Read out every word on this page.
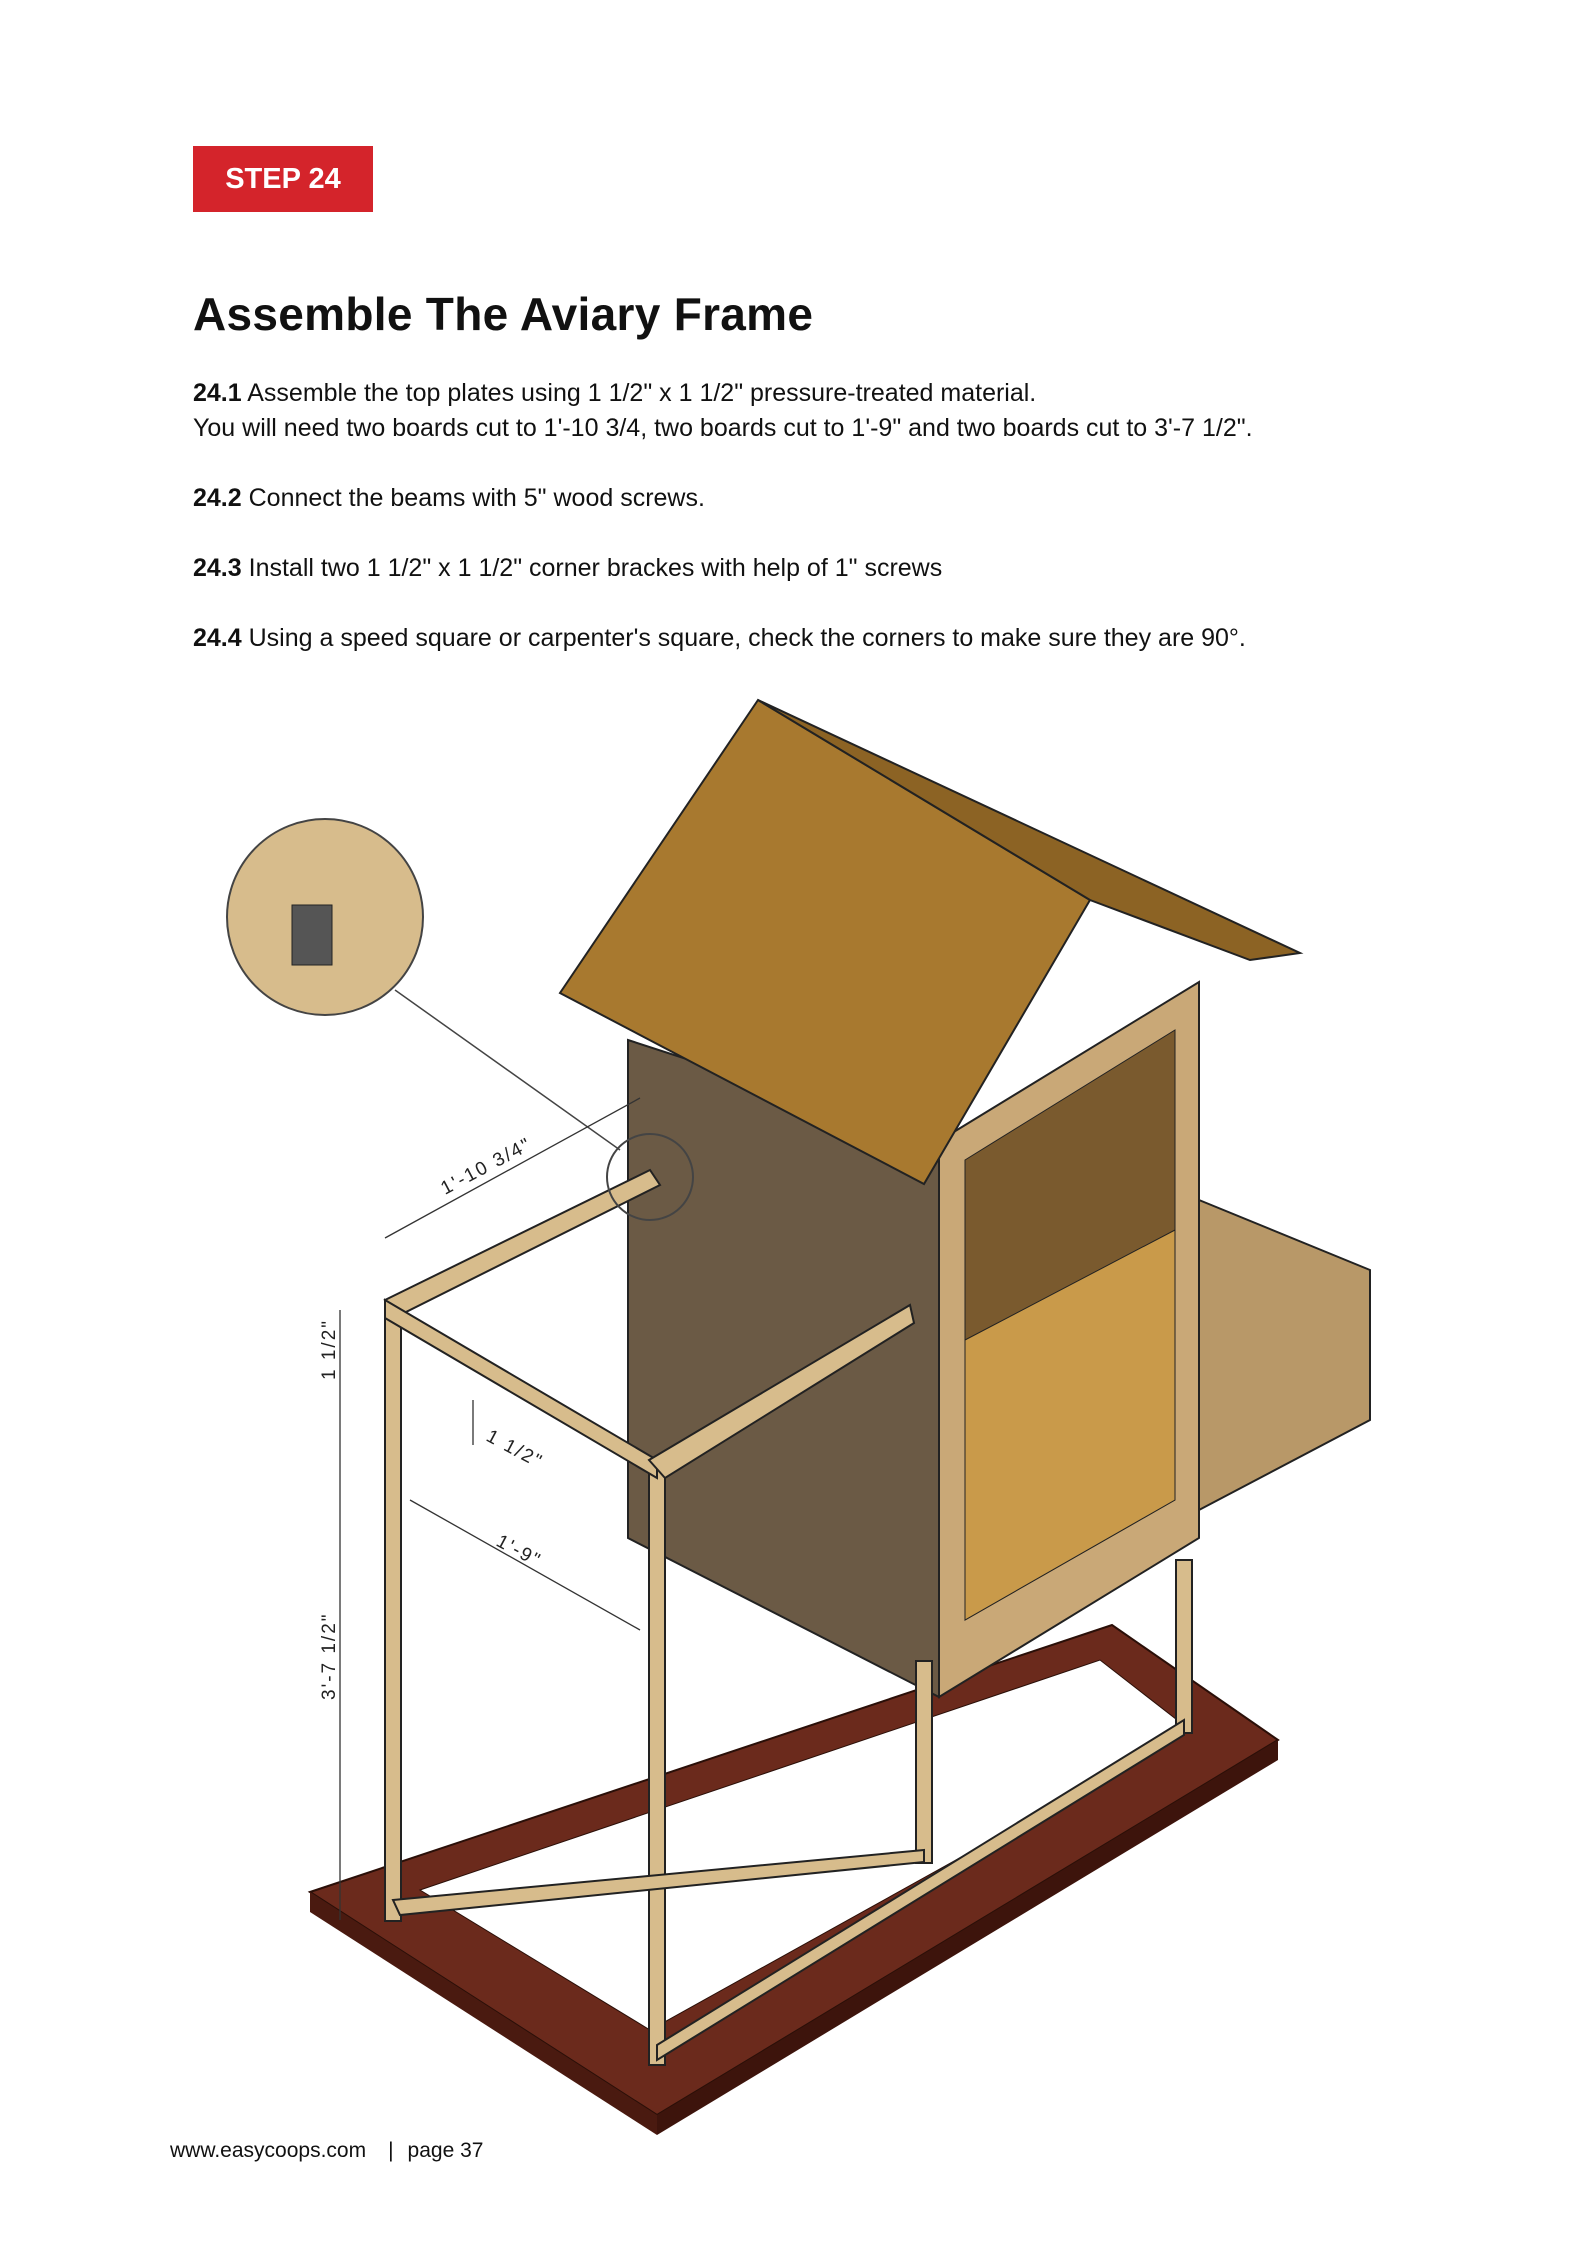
STEP 24
Assemble The Aviary Frame

24.1 Assemble the top plates using 1 1/2" x 1 1/2" pressure-treated material.
You will need two boards cut to 1'-10 3/4, two boards cut to 1'-9" and two boards cut to 3'-7 1/2".

24.2 Connect the beams with 5" wood screws.

24.3 Install two 1 1/2" x 1 1/2" corner brackes with help of 1" screws

24.4 Using a speed square or carpenter's square, check the corners to make sure they are 90°.

1'-10 3/4"
1 1/2"
1 1/2"
1'-9"
3'-7 1/2"
www.easycoops.com | page 37
